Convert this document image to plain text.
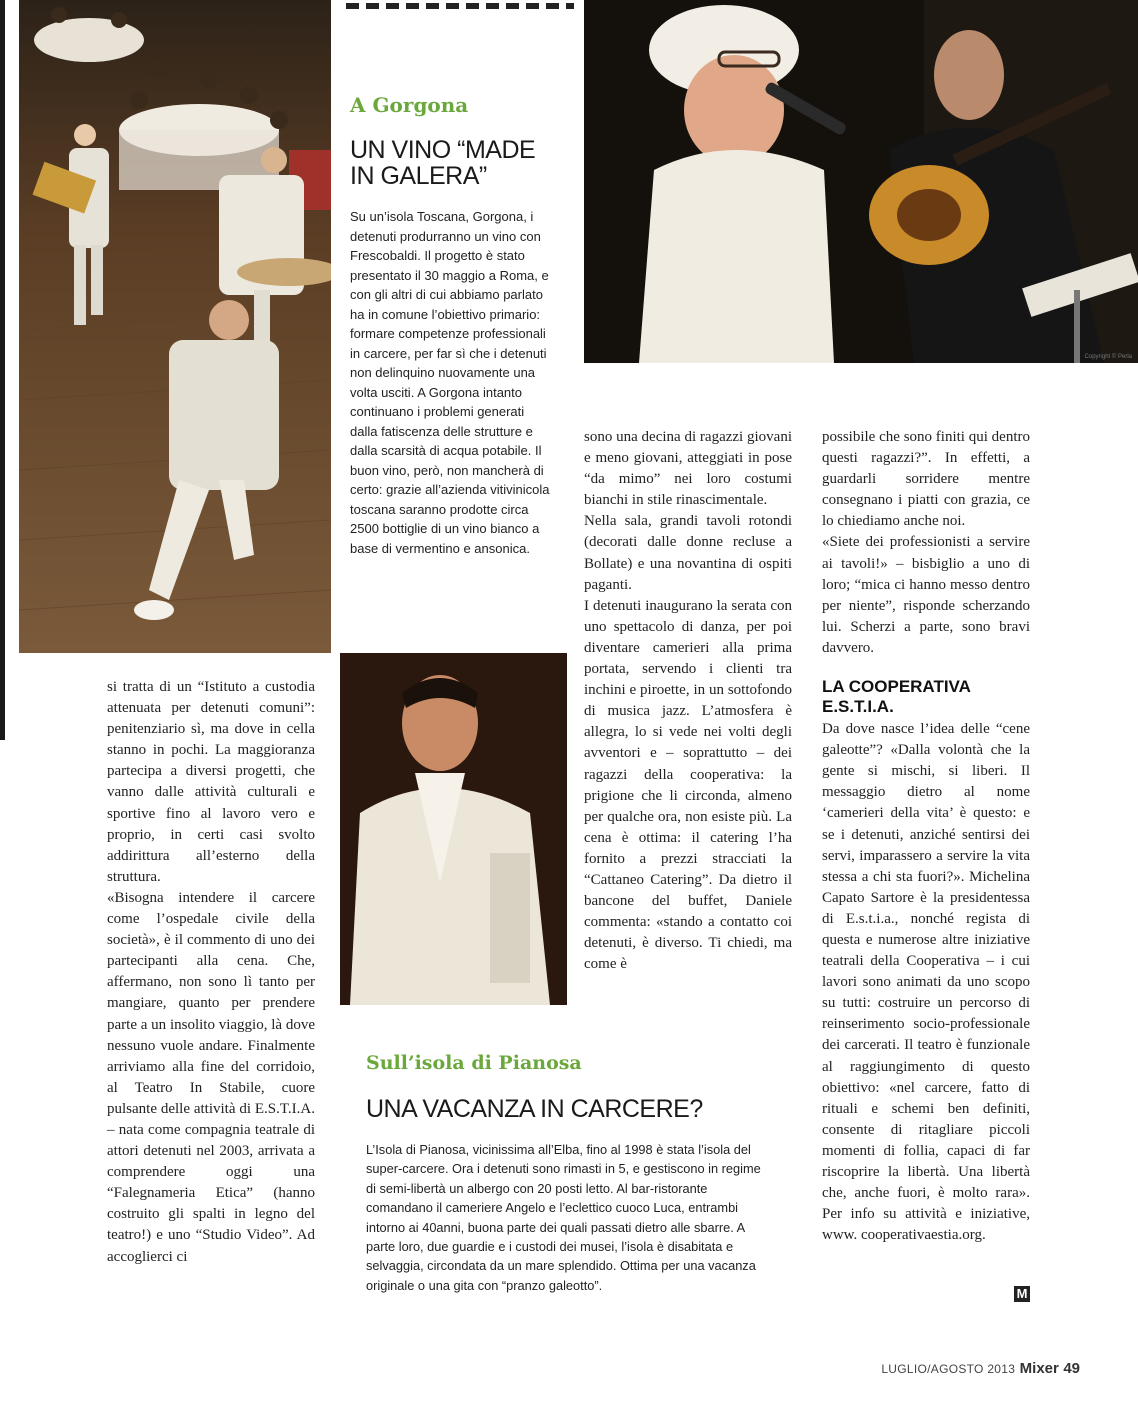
A Gorgona
UN VINO “MADE
IN GALERA”
Su un’isola Toscana, Gorgona, i detenuti produrranno un vino con Frescobaldi. Il progetto è stato presentato il 30 maggio a Roma, e con gli altri di cui abbiamo parlato ha in comune l’obiettivo primario: formare competenze professionali in carcere, per far sì che i detenuti non delinquino nuovamente una volta usciti. A Gorgona intanto continuano i problemi generati dalla fatiscenza delle strutture e dalla scarsità di acqua potabile. Il buon vino, però, non mancherà di certo: grazie all’azienda vitivinicola toscana saranno prodotte circa 2500 bottiglie di un vino bianco a base di vermentino e ansonica.
Copyright © Perla

si tratta di un “Istituto a custodia attenuata per detenuti comuni”: penitenziario sì, ma dove in cella stanno in pochi. La maggioranza partecipa a diversi progetti, che vanno dalle attività culturali e sportive fino al lavoro vero e proprio, in certi casi svolto addirittura all’esterno della struttura.

«Bisogna intendere il carcere come l’ospedale civile della società», è il commento di uno dei partecipanti alla cena. Che, affermano, non sono lì tanto per mangiare, quanto per prendere parte a un insolito viaggio, là dove nessuno vuole andare. Finalmente arriviamo alla fine del corridoio, al Teatro In Stabile, cuore pulsante delle attività di E.S.T.I.A. – nata come compagnia teatrale di attori detenuti nel 2003, arrivata a comprendere oggi una “Falegnameria Etica” (hanno costruito gli spalti in legno del teatro!) e uno “Studio Video”. Ad accoglierci ci

sono una decina di ragazzi giovani e meno giovani, atteggiati in pose “da mimo” nei loro costumi bianchi in stile rinascimentale.

Nella sala, grandi tavoli rotondi (decorati dalle donne recluse a Bollate) e una novantina di ospiti paganti.

I detenuti inaugurano la serata con uno spettacolo di danza, per poi diventare camerieri alla prima portata, servendo i clienti tra inchini e piroette, in un sottofondo di musica jazz. L’atmosfera è allegra, lo si vede nei volti degli avventori e – soprattutto – dei ragazzi della cooperativa: la prigione che li circonda, almeno per qualche ora, non esiste più. La cena è ottima: il catering l’ha fornito a prezzi stracciati la “Cattaneo Catering”. Da dietro il bancone del buffet, Daniele commenta: «stando a contatto coi detenuti, è diverso. Ti chiedi, ma come è

possibile che sono finiti qui dentro questi ragazzi?”. In effetti, a guardarli sorridere mentre consegnano i piatti con grazia, ce lo chiediamo anche noi.

«Siete dei professionisti a servire ai tavoli!» – bisbiglio a uno di loro; “mica ci hanno messo dentro per niente”, risponde scherzando lui. Scherzi a parte, sono bravi davvero.

LA COOPERATIVA
E.S.T.I.A.

Da dove nasce l’idea delle “cene galeotte”? «Dalla volontà che la gente si mischi, si liberi. Il messaggio dietro al nome ‘camerieri della vita’ è questo: e se i detenuti, anziché sentirsi dei servi, imparassero a servire la vita stessa a chi sta fuori?». Michelina Capato Sartore è la presidentessa di E.s.t.i.a., nonché regista di questa e numerose altre iniziative teatrali della Cooperativa – i cui lavori sono animati da uno scopo su tutti: costruire un percorso di reinserimento socio-professionale dei carcerati. Il teatro è funzionale al raggiungimento di questo obiettivo: «nel carcere, fatto di rituali e schemi ben definiti, consente di ritagliare piccoli momenti di follia, capaci di far riscoprire la libertà. Una libertà che, anche fuori, è molto rara». Per info su attività e iniziative, www. cooperativaestia.org.

M
Sull’isola di Pianosa
UNA VACANZA IN CARCERE?
L’Isola di Pianosa, vicinissima all’Elba, fino al 1998 è stata l’isola del super-carcere. Ora i detenuti sono rimasti in 5, e gestiscono in regime di semi-libertà un albergo con 20 posti letto. Al bar-ristorante comandano il cameriere Angelo e l’eclettico cuoco Luca, entrambi intorno ai 40anni, buona parte dei quali passati dietro alle sbarre. A parte loro, due guardie e i custodi dei musei, l’isola è disabitata e selvaggia, circondata da un mare splendido. Ottima per una vacanza originale o una gita con “pranzo galeotto”.
LUGLIO/AGOSTO 2013 Mixer 49
